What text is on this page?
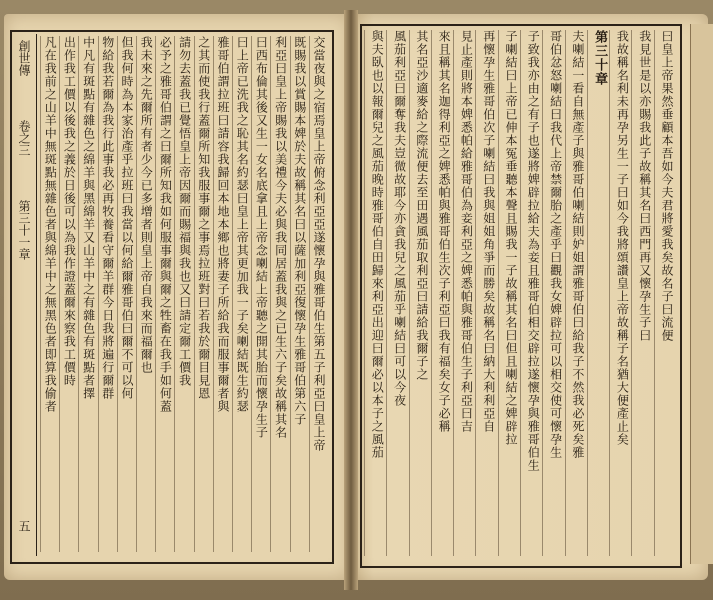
創世傳
卷之三
第三十一章
五
曰皇上帝果然垂顧本吾如今夫君將愛我矣故名子曰流便
我見世是以亦賜我此子故稱其名曰西門再又懷孕生子曰
我故稱名利未再孕另生一子曰如今我將頌讚皇上帝故稱子名猶大便產止矣
第三十章
夫喇結一看自無產子與雅哥伯喇結則妒姐謂雅哥伯曰給我子不然我必死矣雅
哥伯忿怒喇結曰我代上帝禁爾胎之產乎曰觀我女婢辟拉可以相交使可懷孕生
子致我亦由之有子也遂將婢辟拉給夫為妾且雅哥伯相交辟拉遂懷孕與雅哥伯生
子喇結曰上帝已伸本冤垂聽本聲且賜我一子故稱其名曰但且喇結之婢辟拉
再懷孕生雅哥伯次子喇結曰我與姐姐角爭而勝矣故稱名曰納大利利亞自
見止產則將本婢悉帕給雅哥伯為妾利亞之婢悉帕與雅哥伯生子利亞曰吉
來且稱其名迦得利亞之婢悉帕與雅哥伯生次子利亞曰我有福矣女子必稱
其名亞沙適麥給之際流便去至田遇風茄取利亞曰請給我爾子之
風茄利亞曰爾奪我夫豈微故耶今亦貪我兒之風茄乎喇結曰可以今夜
與夫臥也以報爾兒之風茄晚時雅哥伯自田歸來利亞出迎曰爾必以本子之風茄
交當夜與之宿焉皇上帝俯念利亞亞遂懷孕與雅哥伯生第五子利亞曰皇上帝
既賜我以賞賜本婢於夫故稱其名曰以薩加利亞復懷孕生雅哥伯第六子
利亞曰皇上帝賜我以美禮今夫必與我同居蓋我與之已生六子矣故稱其名
曰西布倫其後又生一女名底拿且上帝念喇結上帝聽之開其胎而懷孕生子
曰上帝已洗我之恥其名約瑟曰皇上帝其更加我一子矣喇結既生約瑟
雅哥伯謂拉班曰請容我歸回本地本鄉也將妻子所給我而服事爾者與
之其而使我行蓋爾所知我服事爾之事焉拉班對曰若我於爾目見恩
請勿去蓋我已覺悟皇上帝因爾而賜福與我也又曰請定爾工價我
必予之雅哥伯謂之曰爾所知我如何服事爾與爾之牲畜在我手如何蓋
我未來之先爾所有者少今已多增者則皇上帝自我來而福爾也
但我何時為本家治產乎拉班曰我當以何給爾雅哥伯曰爾不可以何
物給我若爾為我行此事我必再牧養看守爾羊群今日我將遍行爾群
中凡有斑點有雜色之綿羊與黑綿羊又山羊中之有雜色有斑點者擇
出作我工價以後我之義於日後可以為我作證蓋爾來察我工價時
凡在我前之山羊中無斑點無雜色者與綿羊中之無黑色者即算我偷者
